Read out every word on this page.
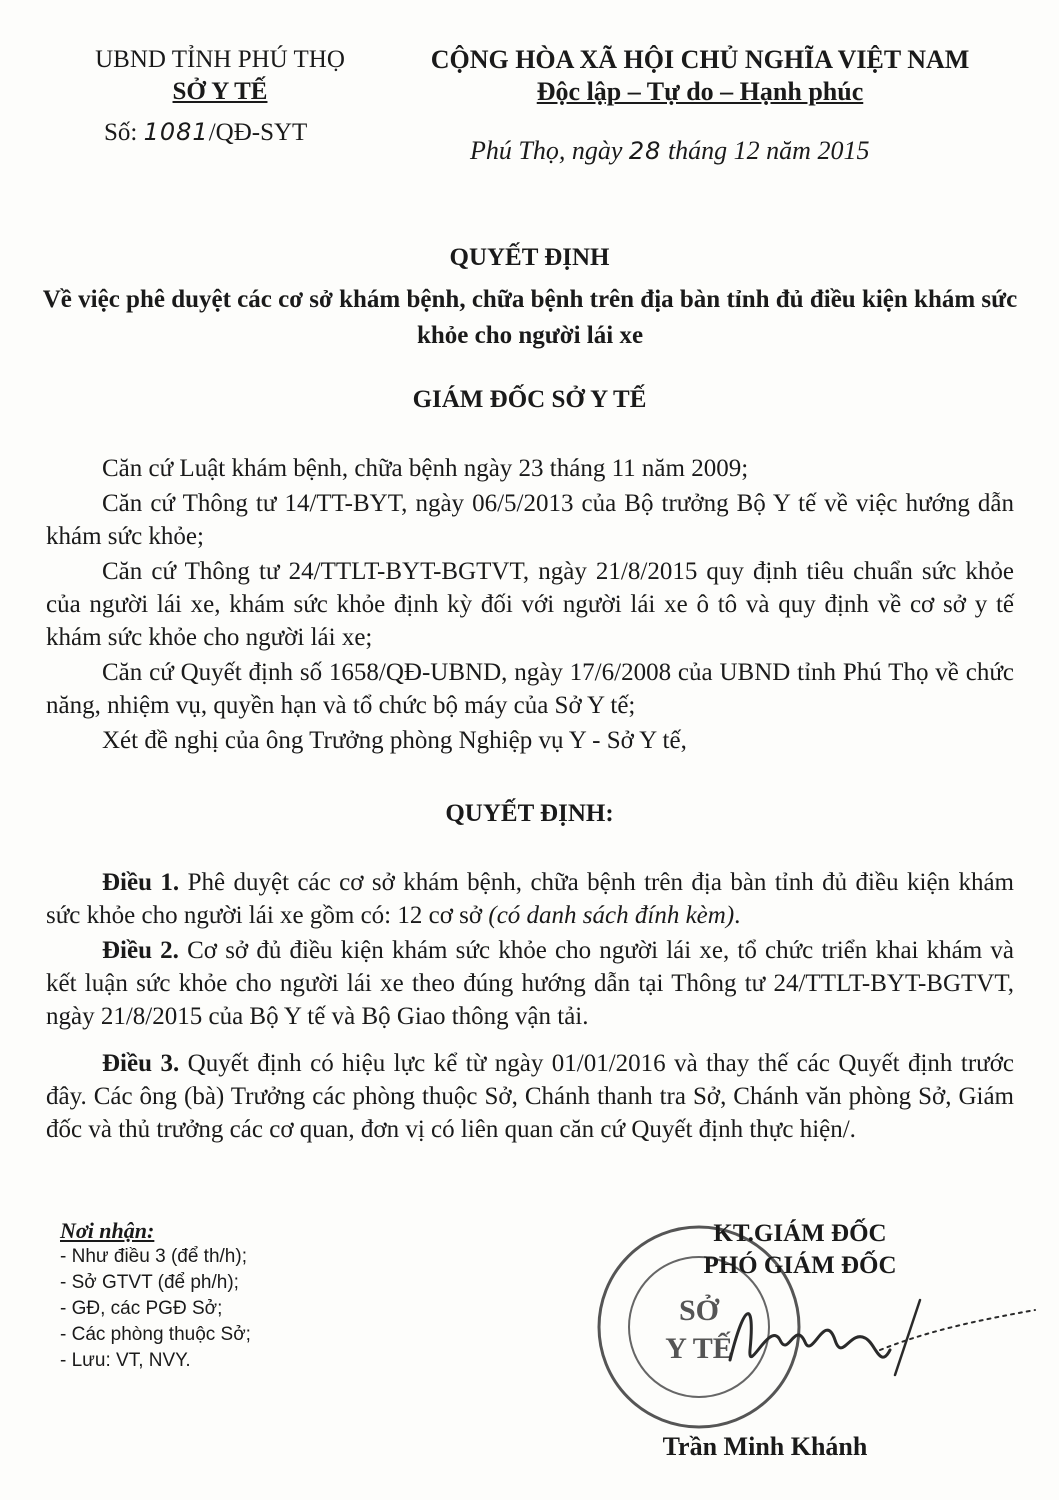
UBND TỈNH PHÚ THỌ
SỞ Y TẾ
Số: 1081/QĐ-SYT
CỘNG HÒA XÃ HỘI CHỦ NGHĨA VIỆT NAM
Độc lập – Tự do – Hạnh phúc
Phú Thọ, ngày 28 tháng 12 năm 2015
QUYẾT ĐỊNH
Về việc phê duyệt các cơ sở khám bệnh, chữa bệnh trên địa bàn tỉnh đủ điều kiện khám sức khỏe cho người lái xe
GIÁM ĐỐC SỞ Y TẾ

Căn cứ Luật khám bệnh, chữa bệnh ngày 23 tháng 11 năm 2009;

Căn cứ Thông tư 14/TT-BYT, ngày 06/5/2013 của Bộ trưởng Bộ Y tế về việc hướng dẫn khám sức khỏe;

Căn cứ Thông tư 24/TTLT-BYT-BGTVT, ngày 21/8/2015 quy định tiêu chuẩn sức khỏe của người lái xe, khám sức khỏe định kỳ đối với người lái xe ô tô và quy định về cơ sở y tế khám sức khỏe cho người lái xe;

Căn cứ Quyết định số 1658/QĐ-UBND, ngày 17/6/2008 của UBND tỉnh Phú Thọ về chức năng, nhiệm vụ, quyền hạn và tổ chức bộ máy của Sở Y tế;

Xét đề nghị của ông Trưởng phòng Nghiệp vụ Y - Sở Y tế,

QUYẾT ĐỊNH:

Điều 1. Phê duyệt các cơ sở khám bệnh, chữa bệnh trên địa bàn tỉnh đủ điều kiện khám sức khỏe cho người lái xe gồm có: 12 cơ sở (có danh sách đính kèm).

Điều 2. Cơ sở đủ điều kiện khám sức khỏe cho người lái xe, tổ chức triển khai khám và kết luận sức khỏe cho người lái xe theo đúng hướng dẫn tại Thông tư 24/TTLT-BYT-BGTVT, ngày 21/8/2015 của Bộ Y tế và Bộ Giao thông vận tải.

Điều 3. Quyết định có hiệu lực kể từ ngày 01/01/2016 và thay thế các Quyết định trước đây. Các ông (bà) Trưởng các phòng thuộc Sở, Chánh thanh tra Sở, Chánh văn phòng Sở, Giám đốc và thủ trưởng các cơ quan, đơn vị có liên quan căn cứ Quyết định thực hiện/.

Nơi nhận:
- Như điều 3 (để th/h);
- Sở GTVT (để ph/h);
- GĐ, các PGĐ Sở;
- Các phòng thuộc Sở;
- Lưu: VT, NVY.
SỞ
Y TẾ
KT.GIÁM ĐỐC
PHÓ GIÁM ĐỐC
Trần Minh Khánh
